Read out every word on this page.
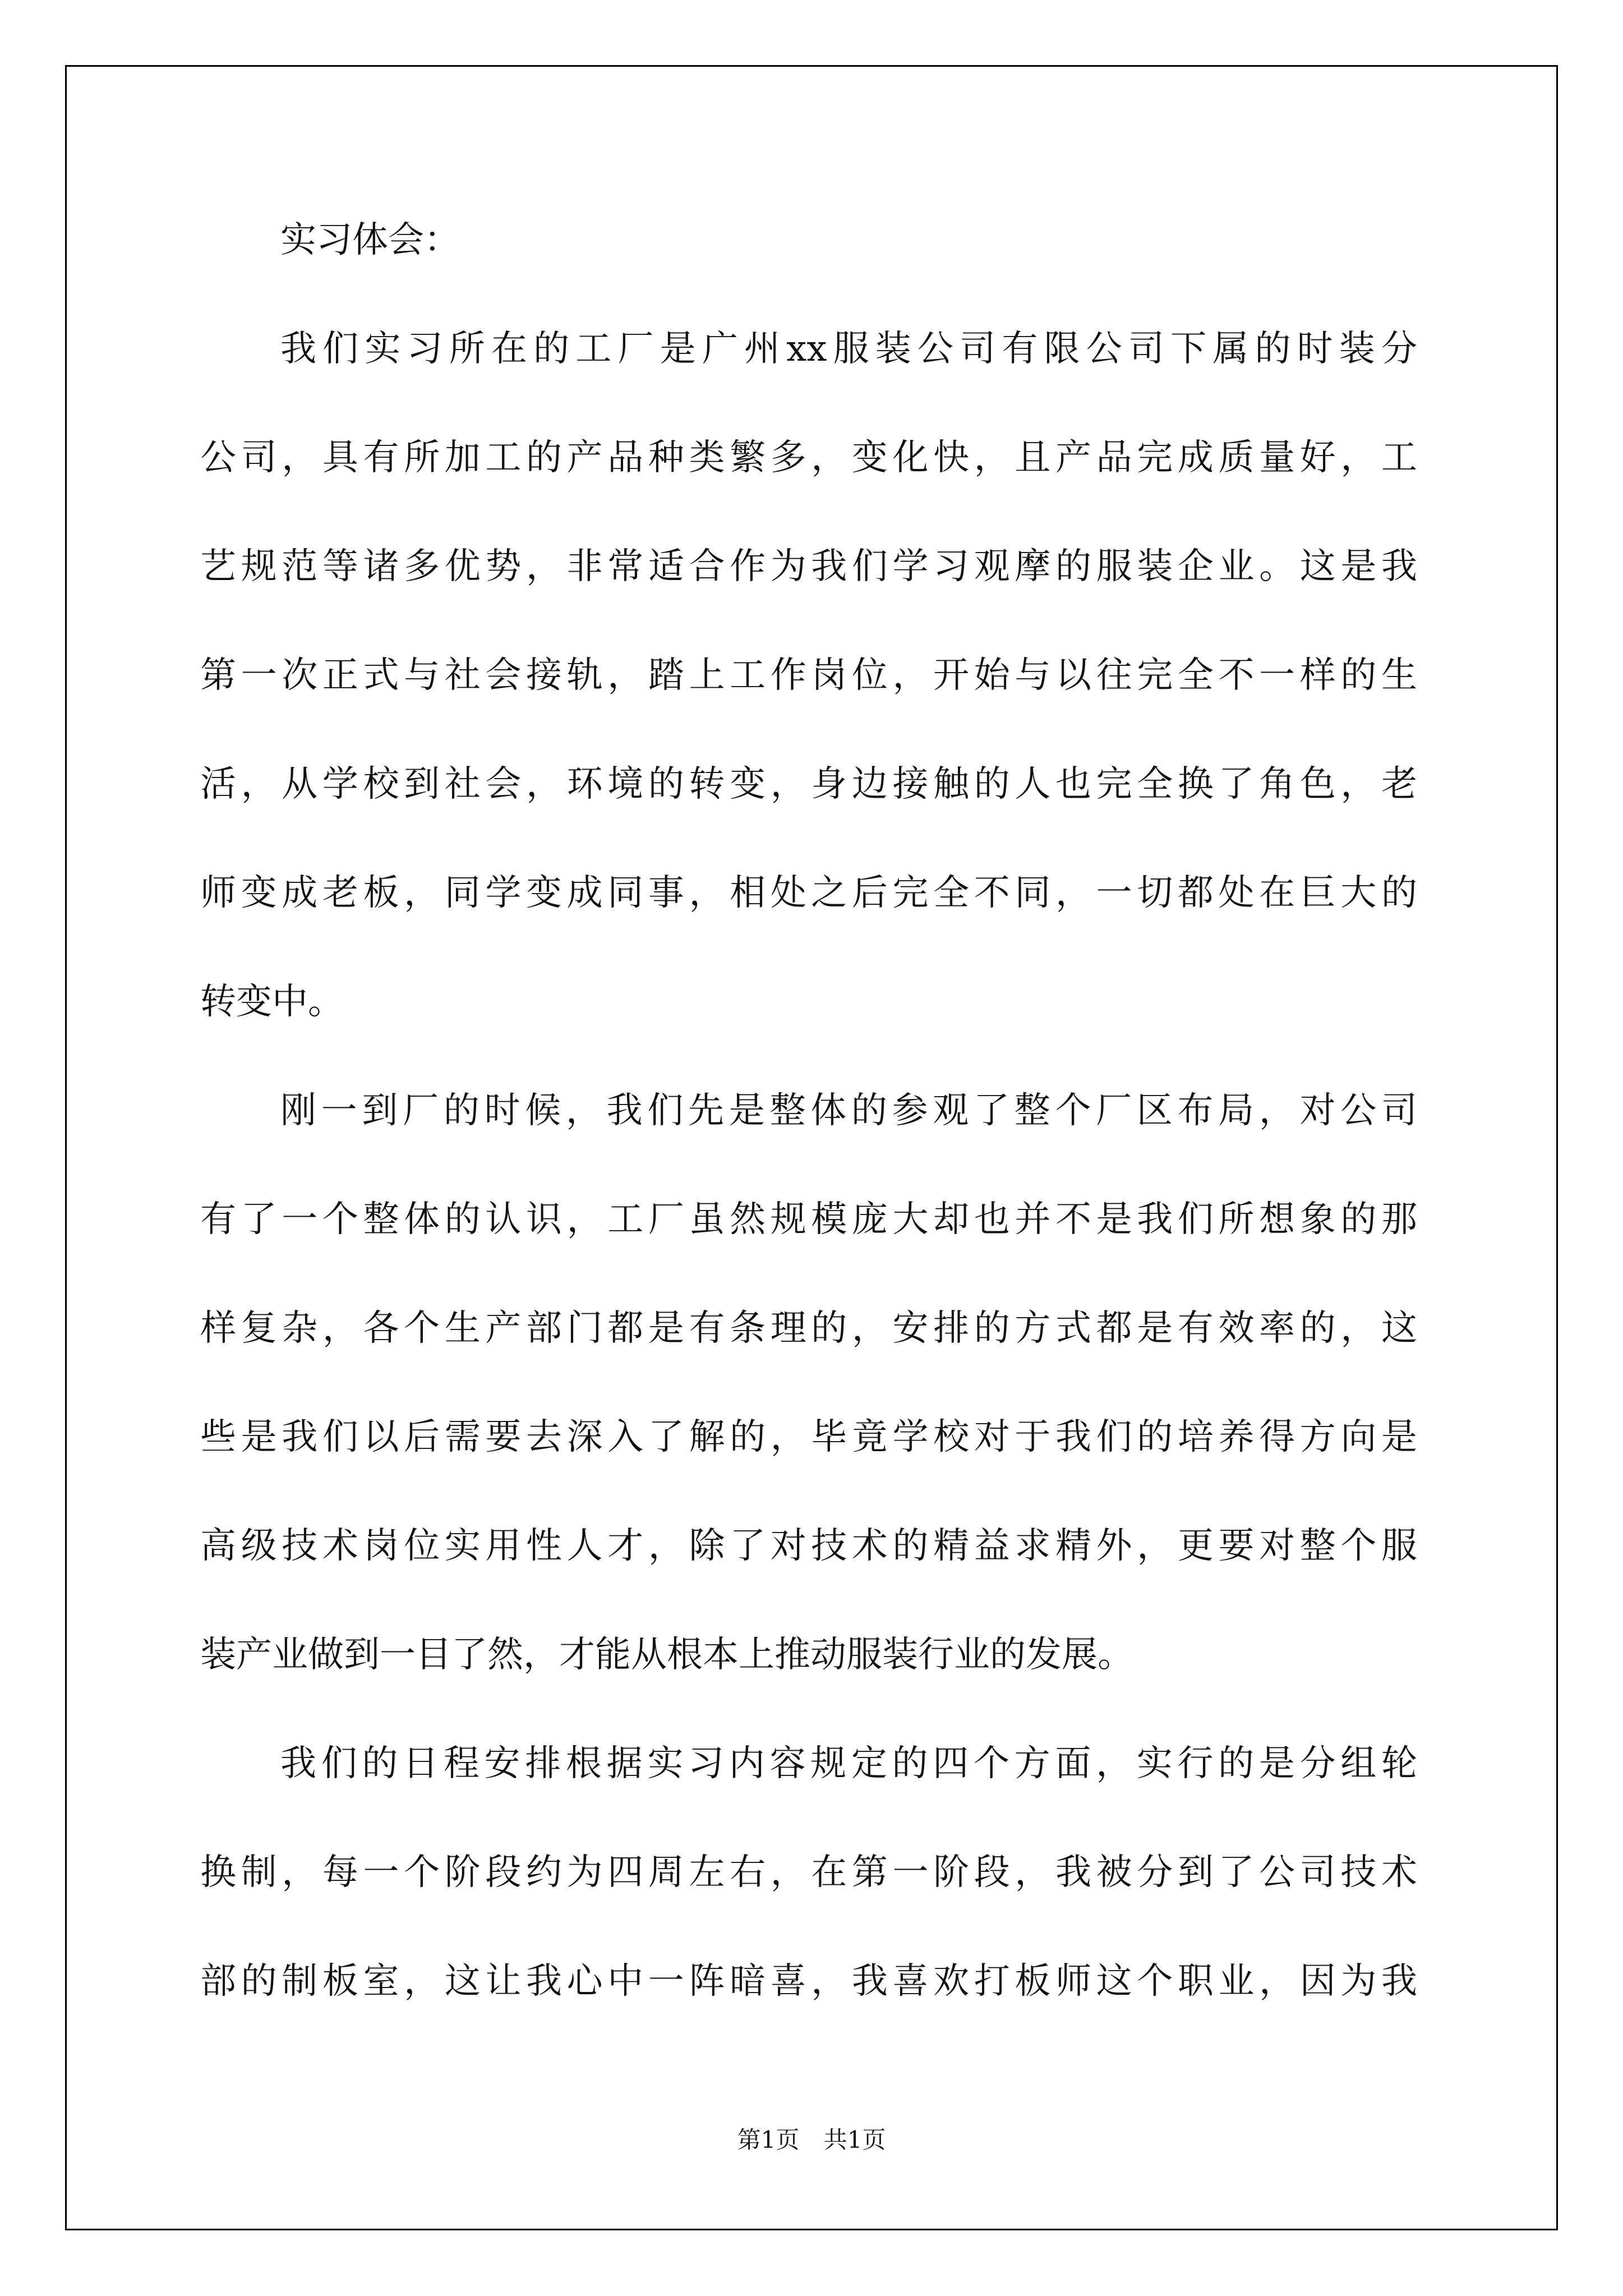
实习体会：
我们实习所在的工厂是广州xx服装公司有限公司下属的时装分
公司，具有所加工的产品种类繁多，变化快，且产品完成质量好，工
艺规范等诸多优势，非常适合作为我们学习观摩的服装企业。这是我
第一次正式与社会接轨，踏上工作岗位，开始与以往完全不一样的生
活，从学校到社会，环境的转变，身边接触的人也完全换了角色，老
师变成老板，同学变成同事，相处之后完全不同，一切都处在巨大的
转变中。
刚一到厂的时候，我们先是整体的参观了整个厂区布局，对公司
有了一个整体的认识，工厂虽然规模庞大却也并不是我们所想象的那
样复杂，各个生产部门都是有条理的，安排的方式都是有效率的，这
些是我们以后需要去深入了解的，毕竟学校对于我们的培养得方向是
高级技术岗位实用性人才，除了对技术的精益求精外，更要对整个服
装产业做到一目了然，才能从根本上推动服装行业的发展。
我们的日程安排根据实习内容规定的四个方面，实行的是分组轮
换制，每一个阶段约为四周左右，在第一阶段，我被分到了公司技术
部的制板室，这让我心中一阵暗喜，我喜欢打板师这个职业，因为我
第1页 共1页
